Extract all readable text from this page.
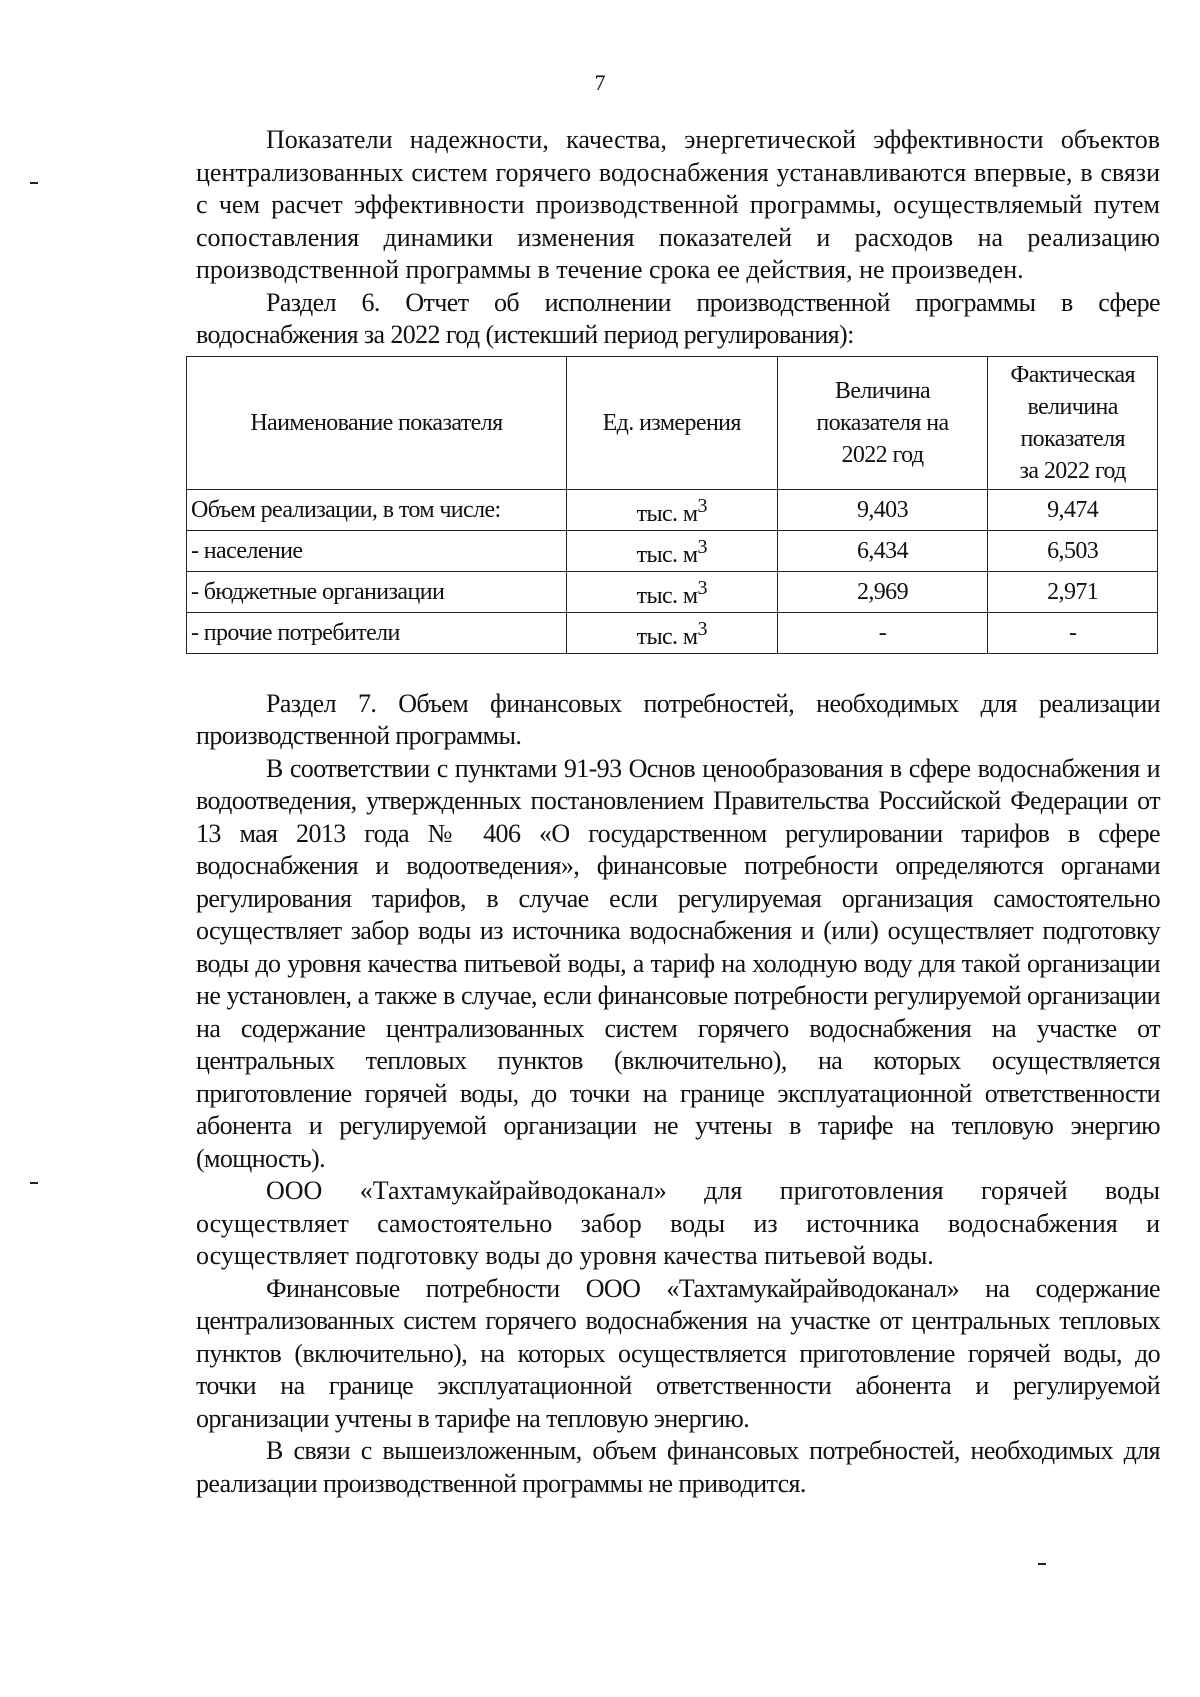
7

Показатели надежности, качества, энергетической эффективности объектов централизованных систем горячего водоснабжения устанавливаются впервые, в связи с чем расчет эффективности производственной программы, осуществляемый путем сопоставления динамики изменения показателей и расходов на реализацию производственной программы в течение срока ее действия, не произведен.

Раздел 6. Отчет об исполнении производственной программы в сфере водоснабжения за 2022 год (истекший период регулирования):

Наименование показателя	Ед. измерения	Величина показателя на 2022 год	Фактическая величина показателя за 2022 год
Объем реализации, в том числе:	тыс. $м^3$	9,403	9,474
- население	тыс. $м^3$	6,434	6,503
- бюджетные организации	тыс. $м^3$	2,969	2,971
- прочие потребители	тыс. $м^3$	-	-

Раздел 7. Объем финансовых потребностей, необходимых для реализации производственной программы.

В соответствии с пунктами 91-93 Основ ценообразования в сфере водоснабжения и водоотведения, утвержденных постановлением Правительства Российской Федерации от 13 мая 2013 года № 406 «О государственном регулировании тарифов в сфере водоснабжения и водоотведения», финансовые потребности определяются органами регулирования тарифов, в случае если регулируемая организация самостоятельно осуществляет забор воды из источника водоснабжения и (или) осуществляет подготовку воды до уровня качества питьевой воды, а тариф на холодную воду для такой организации не установлен, а также в случае, если финансовые потребности регулируемой организации на содержание централизованных систем горячего водоснабжения на участке от центральных тепловых пунктов (включительно), на которых осуществляется приготовление горячей воды, до точки на границе эксплуатационной ответственности абонента и регулируемой организации не учтены в тарифе на тепловую энергию (мощность).

ООО «Тахтамукайрайводоканал» для приготовления горячей воды осуществляет самостоятельно забор воды из источника водоснабжения и осуществляет подготовку воды до уровня качества питьевой воды.

Финансовые потребности ООО «Тахтамукайрайводоканал» на содержание централизованных систем горячего водоснабжения на участке от центральных тепловых пунктов (включительно), на которых осуществляется приготовление горячей воды, до точки на границе эксплуатационной ответственности абонента и регулируемой организации учтены в тарифе на тепловую энергию.

В связи с вышеизложенным, объем финансовых потребностей, необходимых для реализации производственной программы не приводится.
